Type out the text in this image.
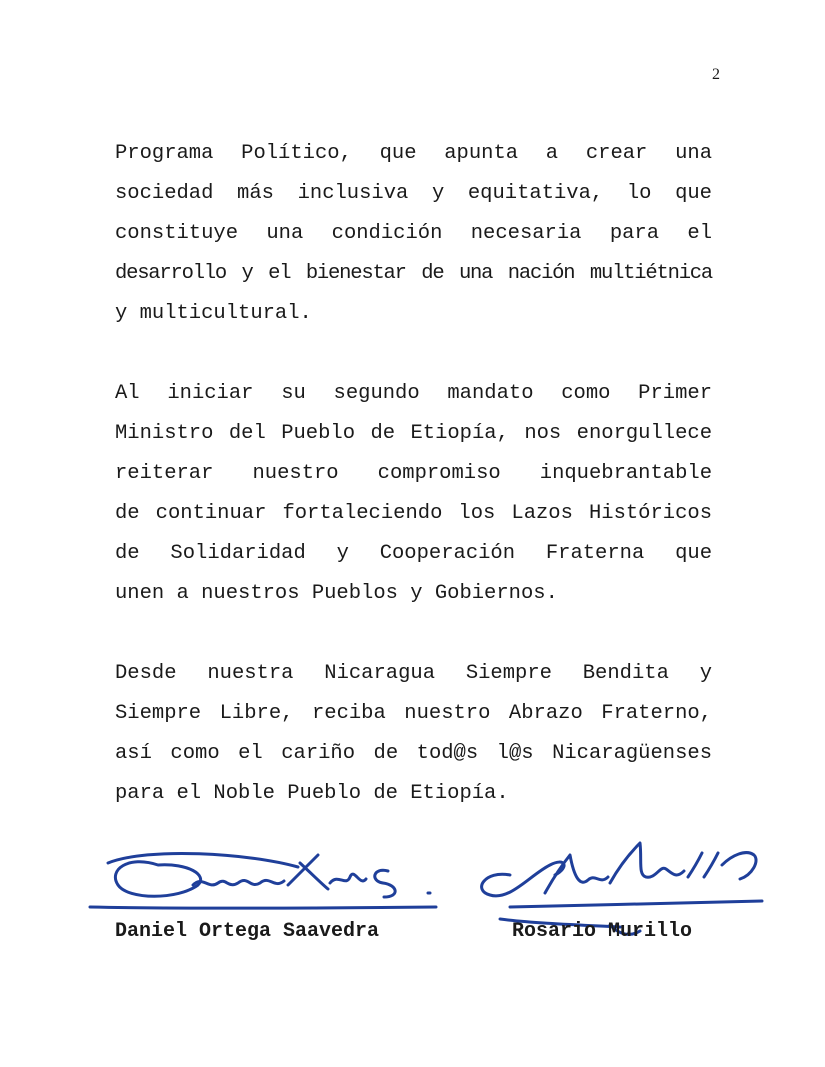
2
Programa Político, que apunta a crear una
sociedad más inclusiva y equitativa, lo que
constituye una condición necesaria para el
desarrollo y el bienestar de una nación multiétnica
y multicultural.
Al iniciar su segundo mandato como Primer
Ministro del Pueblo de Etiopía, nos enorgullece
reiterar nuestro compromiso inquebrantable
de continuar fortaleciendo los Lazos Históricos
de Solidaridad y Cooperación Fraterna que
unen a nuestros Pueblos y Gobiernos.
Desde nuestra Nicaragua Siempre Bendita y
Siempre Libre, reciba nuestro Abrazo Fraterno,
así como el cariño de tod@s l@s Nicaragüenses
para el Noble Pueblo de Etiopía.
Daniel Ortega Saavedra	Rosario Murillo
